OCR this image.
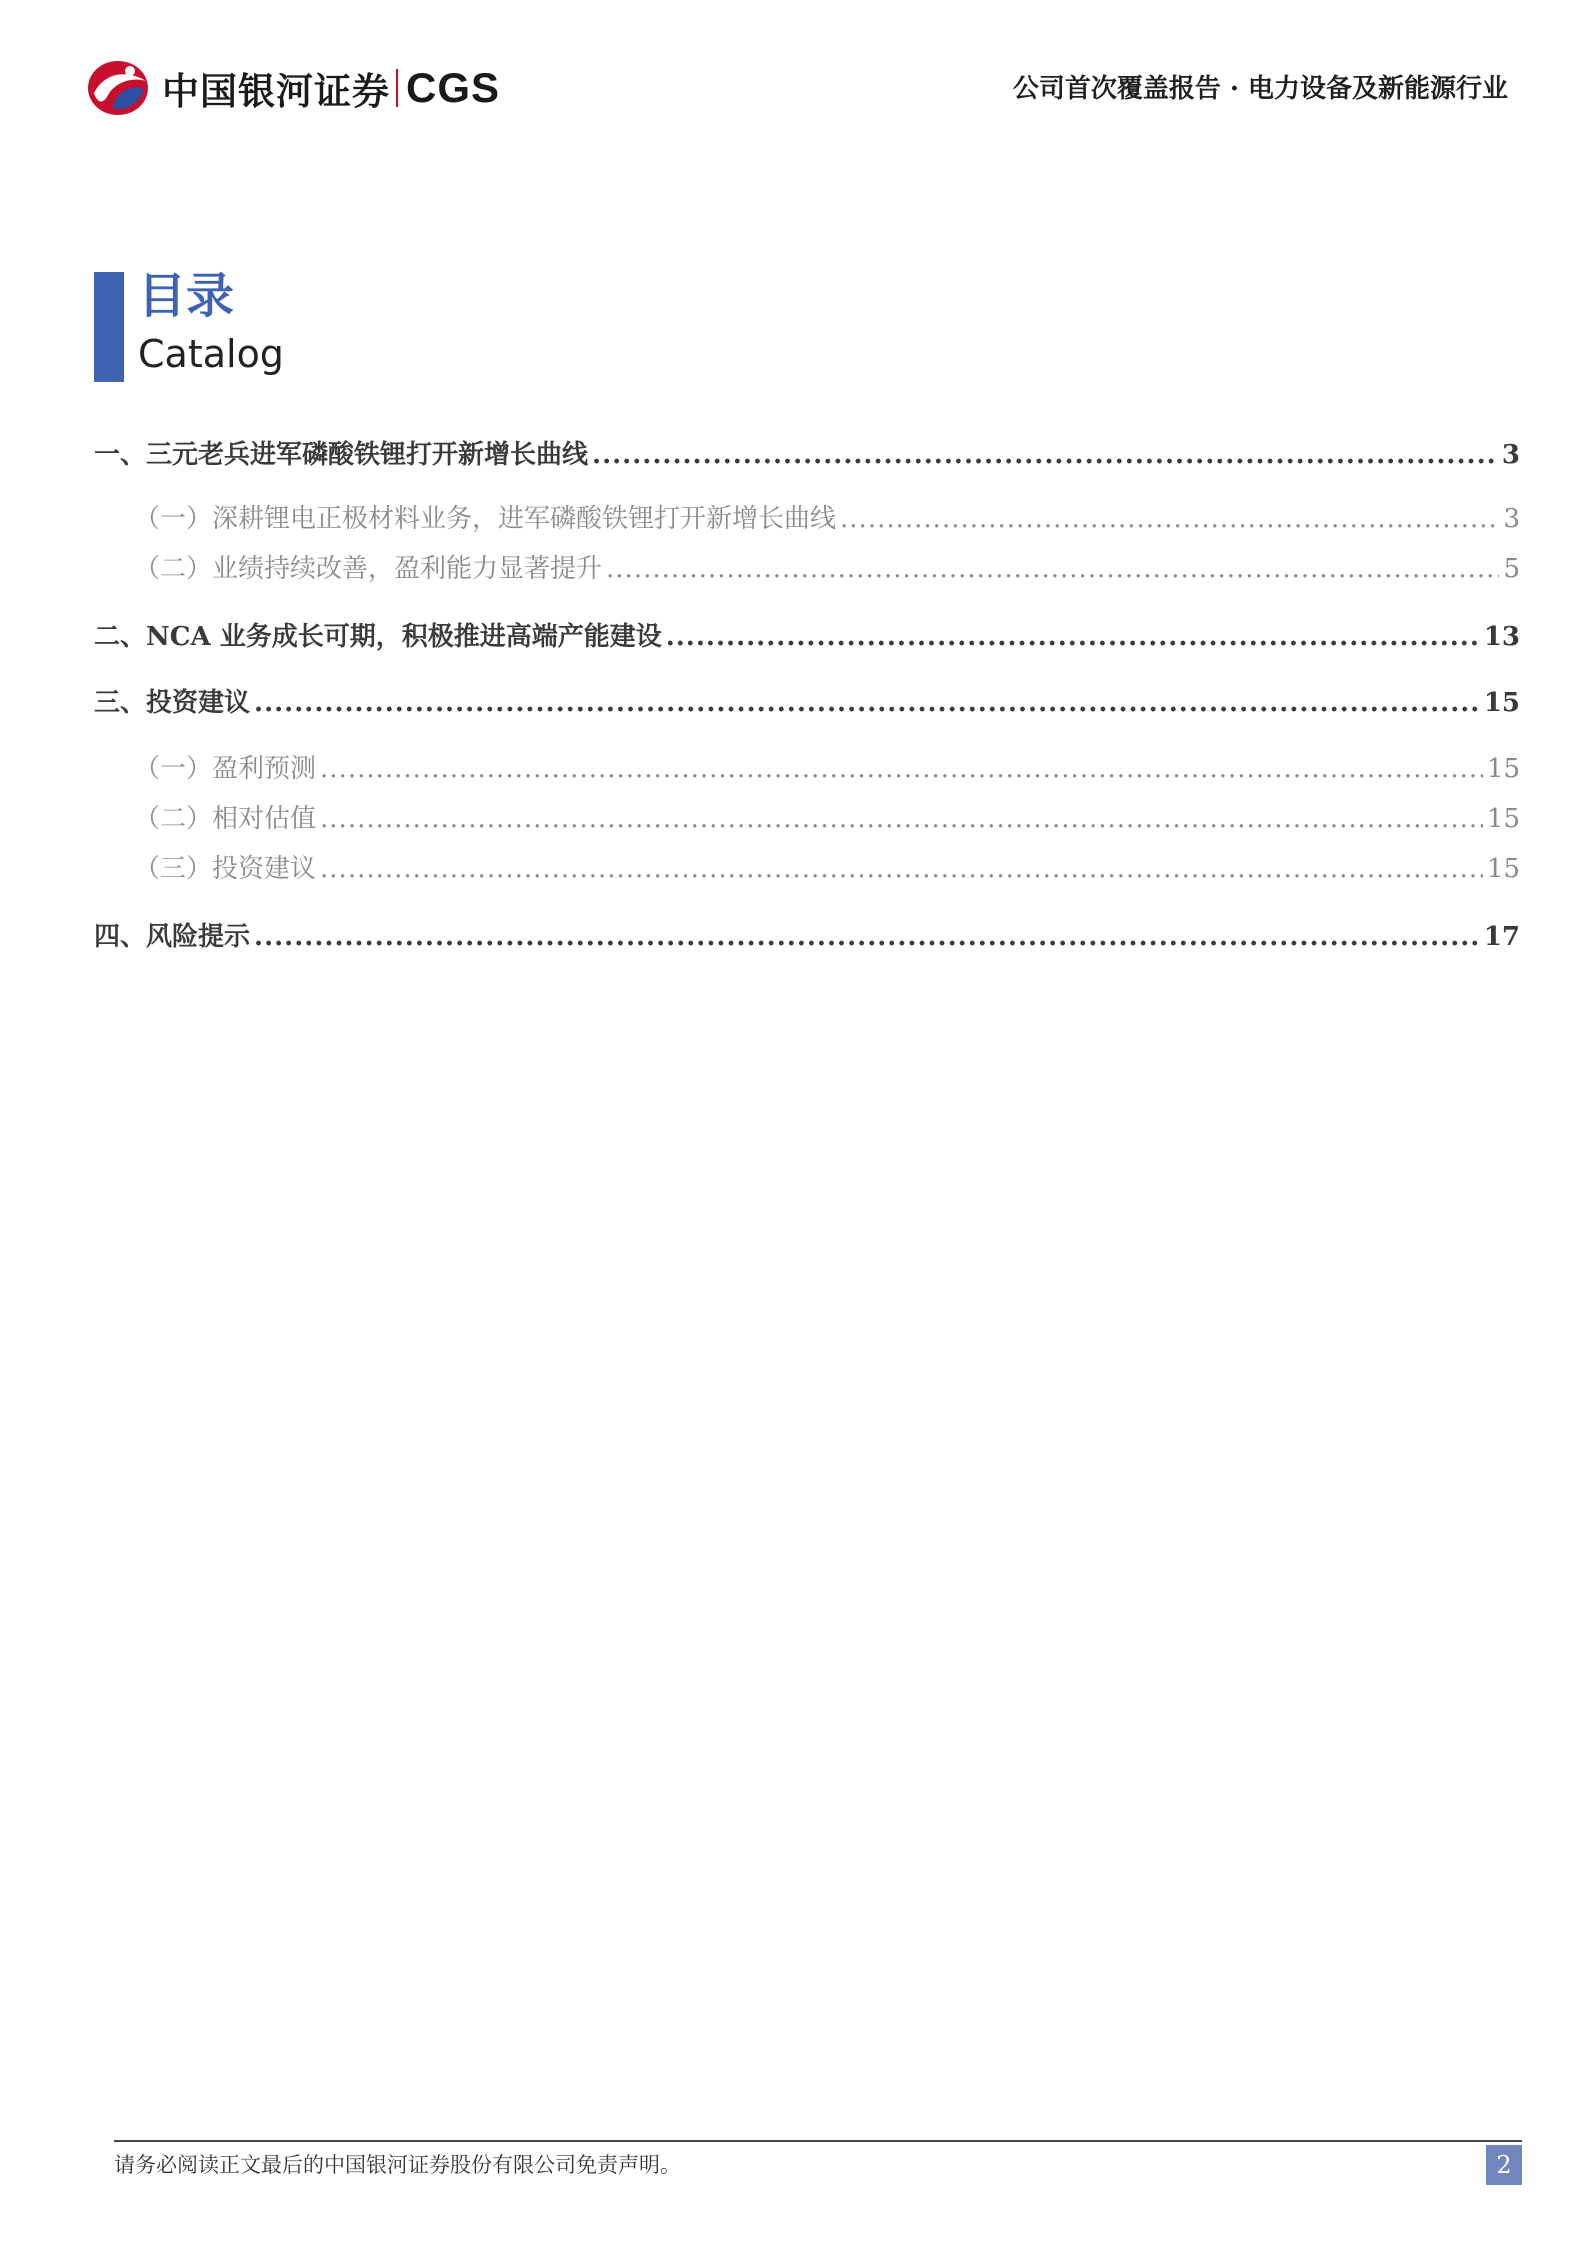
中国银河证券 CGS	公司首次覆盖报告 · 电力设备及新能源行业
目录
Catalog
一、 三元老兵进军磷酸铁锂打开新增长曲线 .....	3
（一） 深耕锂电正极材料业务，进军磷酸铁锂打开新增长曲线 .....	3
（二） 业绩持续改善，盈利能力显著提升 .....	5
二、 NCA 业务成长可期，积极推进高端产能建设 .....	13
三、 投资建议 .....	15
（一） 盈利预测 .....	15
（二） 相对估值 .....	15
（三） 投资建议 .....	15
四、 风险提示 .....	17
请务必阅读正文最后的中国银河证券股份有限公司免责声明。	2
